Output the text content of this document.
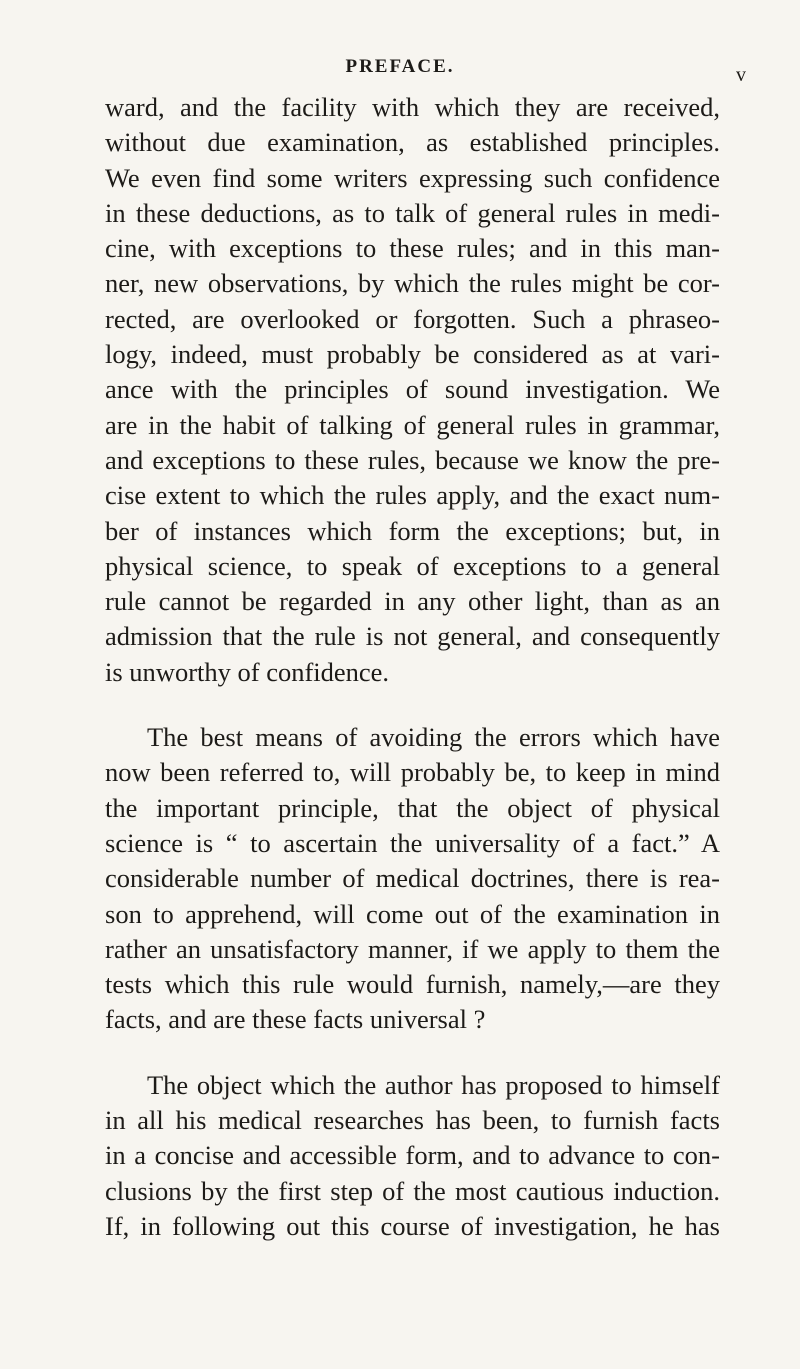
PREFACE.	v
ward, and the facility with which they are received,
without due examination, as established principles.
We even find some writers expressing such confidence
in these deductions, as to talk of general rules in medi-
cine, with exceptions to these rules; and in this man-
ner, new observations, by which the rules might be cor-
rected, are overlooked or forgotten. Such a phraseo-
logy, indeed, must probably be considered as at vari-
ance with the principles of sound investigation. We
are in the habit of talking of general rules in grammar,
and exceptions to these rules, because we know the pre-
cise extent to which the rules apply, and the exact num-
ber of instances which form the exceptions; but, in
physical science, to speak of exceptions to a general
rule cannot be regarded in any other light, than as an
admission that the rule is not general, and consequently
is unworthy of confidence.
The best means of avoiding the errors which have
now been referred to, will probably be, to keep in mind
the important principle, that the object of physical
science is “ to ascertain the universality of a fact.” A
considerable number of medical doctrines, there is rea-
son to apprehend, will come out of the examination in
rather an unsatisfactory manner, if we apply to them the
tests which this rule would furnish, namely,—are they
facts, and are these facts universal ?
The object which the author has proposed to himself
in all his medical researches has been, to furnish facts
in a concise and accessible form, and to advance to con-
clusions by the first step of the most cautious induction.
If, in following out this course of investigation, he has
